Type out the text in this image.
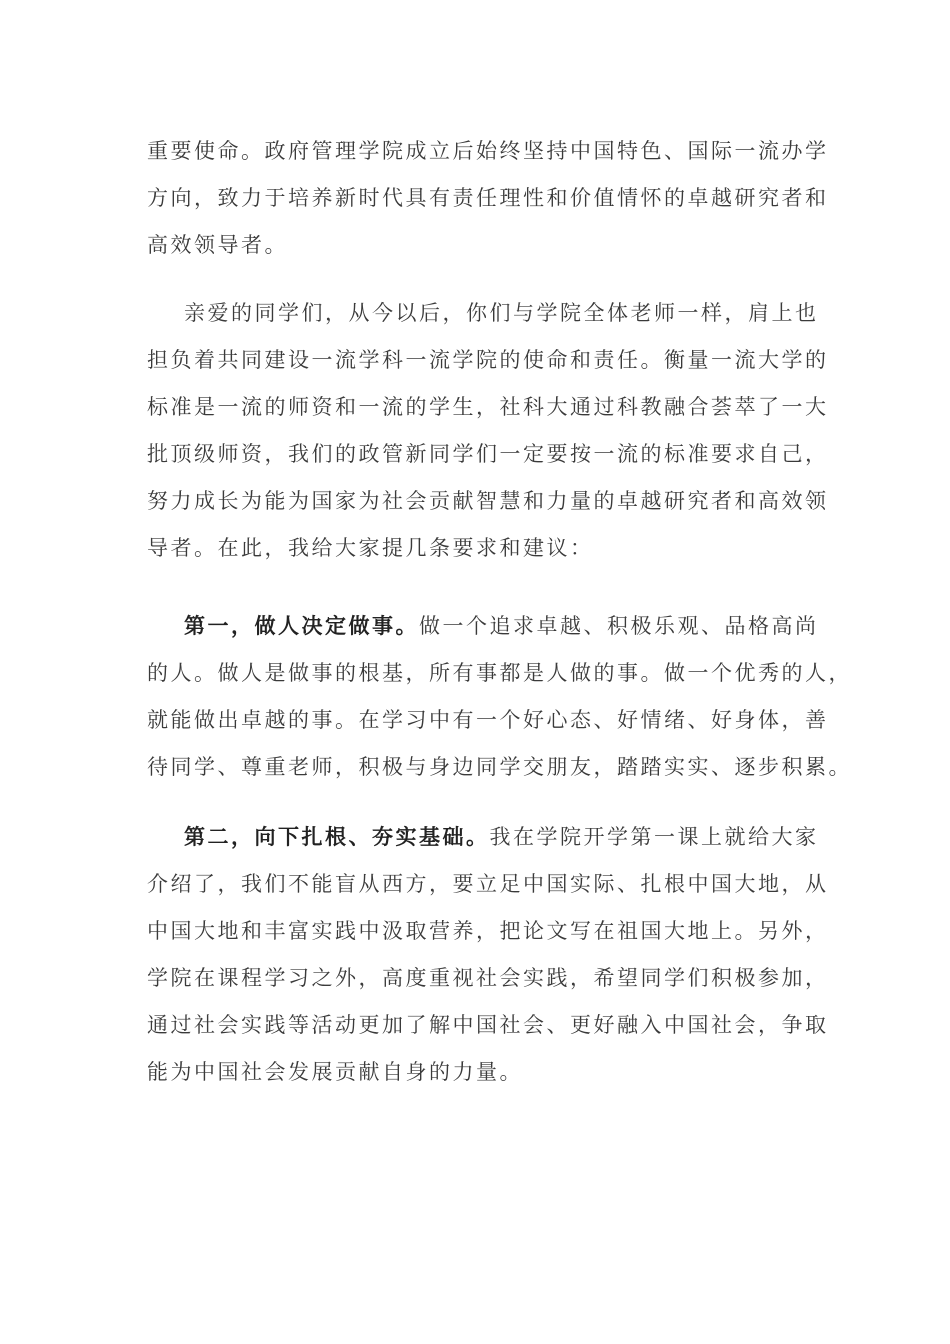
重要使命。政府管理学院成立后始终坚持中国特色、国际一流办学
方向，致力于培养新时代具有责任理性和价值情怀的卓越研究者和
高效领导者。
亲爱的同学们，从今以后，你们与学院全体老师一样，肩上也
担负着共同建设一流学科一流学院的使命和责任。衡量一流大学的
标准是一流的师资和一流的学生，社科大通过科教融合荟萃了一大
批顶级师资，我们的政管新同学们一定要按一流的标准要求自己，
努力成长为能为国家为社会贡献智慧和力量的卓越研究者和高效领
导者。在此，我给大家提几条要求和建议：
第一，做人决定做事。做一个追求卓越、积极乐观、品格高尚
的人。做人是做事的根基，所有事都是人做的事。做一个优秀的人，
就能做出卓越的事。在学习中有一个好心态、好情绪、好身体，善
待同学、尊重老师，积极与身边同学交朋友，踏踏实实、逐步积累。
第二，向下扎根、夯实基础。我在学院开学第一课上就给大家
介绍了，我们不能盲从西方，要立足中国实际、扎根中国大地，从
中国大地和丰富实践中汲取营养，把论文写在祖国大地上。另外，
学院在课程学习之外，高度重视社会实践，希望同学们积极参加，
通过社会实践等活动更加了解中国社会、更好融入中国社会，争取
能为中国社会发展贡献自身的力量。
